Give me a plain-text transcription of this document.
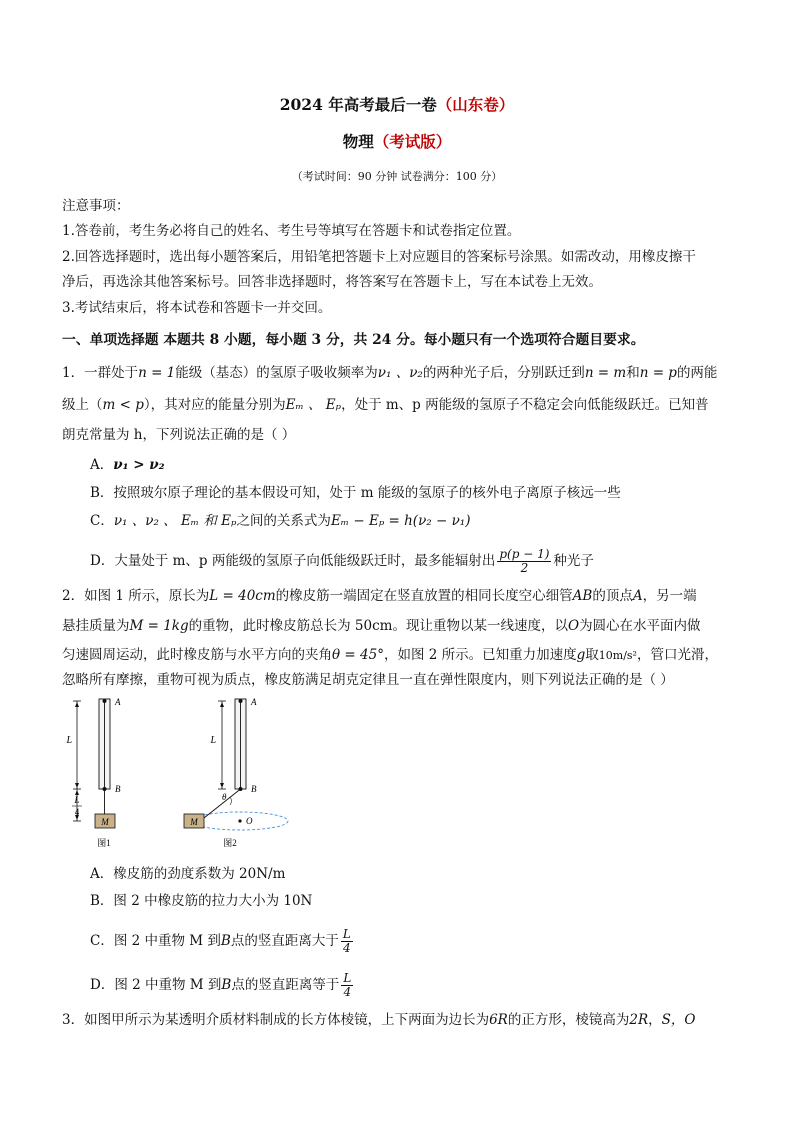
2024 年高考最后一卷（山东卷）
物理（考试版）
（考试时间：90 分钟 试卷满分：100 分）
注意事项：
1.答卷前，考生务必将自己的姓名、考生号等填写在答题卡和试卷指定位置。
2.回答选择题时，选出每小题答案后，用铅笔把答题卡上对应题目的答案标号涂黑。如需改动，用橡皮擦干
净后，再选涂其他答案标号。回答非选择题时，将答案写在答题卡上，写在本试卷上无效。
3.考试结束后，将本试卷和答题卡一并交回。
一、单项选择题 本题共 8 小题，每小题 3 分，共 24 分。每小题只有一个选项符合题目要求。
1．一群处于n = 1能级（基态）的氢原子吸收频率为ν₁ 、ν₂的两种光子后，分别跃迁到n = m和n = p的两能
级上（m < p），其对应的能量分别为Eₘ 、 Eₚ，处于 m、p 两能级的氢原子不稳定会向低能级跃迁。已知普
朗克常量为 h，下列说法正确的是（ ）
A．ν₁ > ν₂
B．按照玻尔原子理论的基本假设可知，处于 m 能级的氢原子的核外电子离原子核远一些
C．ν₁ 、ν₂ 、 Eₘ 和 Eₚ之间的关系式为Eₘ − Eₚ = h(ν₂ − ν₁)
D．大量处于 m、p 两能级的氢原子向低能级跃迁时，最多能辐射出 $\frac{p(p - 1)}{2}$ 种光子
2．如图 1 所示，原长为L = 40cm的橡皮筋一端固定在竖直放置的相同长度空心细管AB的顶点A，另一端
悬挂质量为M = 1kg的重物，此时橡皮筋总长为 50cm。现让重物以某一线速度，以O为圆心在水平面内做
匀速圆周运动，此时橡皮筋与水平方向的夹角θ = 45°，如图 2 所示。已知重力加速度g取10m/s²，管口光滑，
忽略所有摩擦，重物可视为质点，橡皮筋满足胡克定律且一直在弹性限度内，则下列说法正确的是（ ）
L
L
4
A
B
M
图1
L
A
B
θ
M	O
图2
A．橡皮筋的劲度系数为 20N/m
B．图 2 中橡皮筋的拉力大小为 10N
C．图 2 中重物 M 到B点的竖直距离大于 $\frac{L}{4}$
D．图 2 中重物 M 到B点的竖直距离等于 $\frac{L}{4}$
3．如图甲所示为某透明介质材料制成的长方体棱镜，上下两面为边长为6R的正方形，棱镜高为2R，S，O
